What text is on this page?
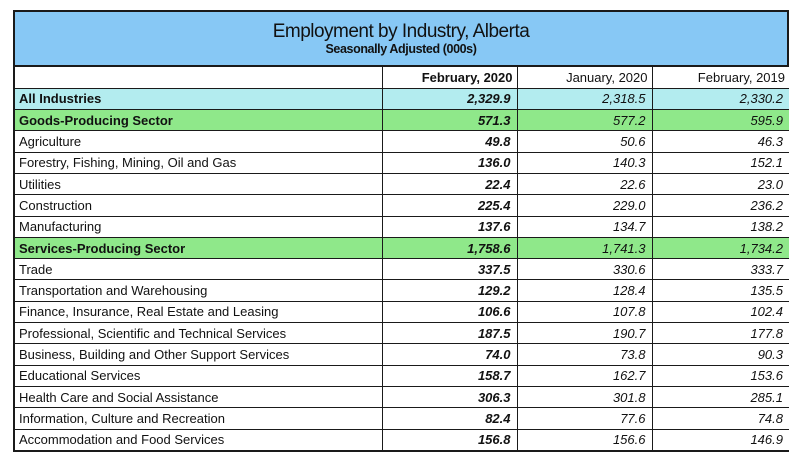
Employment by Industry, Alberta
Seasonally Adjusted (000s)
	February, 2020	January, 2020	February, 2019
All Industries	2,329.9	2,318.5	2,330.2
Goods-Producing Sector	571.3	577.2	595.9
Agriculture	49.8	50.6	46.3
Forestry, Fishing, Mining, Oil and Gas	136.0	140.3	152.1
Utilities	22.4	22.6	23.0
Construction	225.4	229.0	236.2
Manufacturing	137.6	134.7	138.2
Services-Producing Sector	1,758.6	1,741.3	1,734.2
Trade	337.5	330.6	333.7
Transportation and Warehousing	129.2	128.4	135.5
Finance, Insurance, Real Estate and Leasing	106.6	107.8	102.4
Professional, Scientific and Technical Services	187.5	190.7	177.8
Business, Building and Other Support Services	74.0	73.8	90.3
Educational Services	158.7	162.7	153.6
Health Care and Social Assistance	306.3	301.8	285.1
Information, Culture and Recreation	82.4	77.6	74.8
Accommodation and Food Services	156.8	156.6	146.9
